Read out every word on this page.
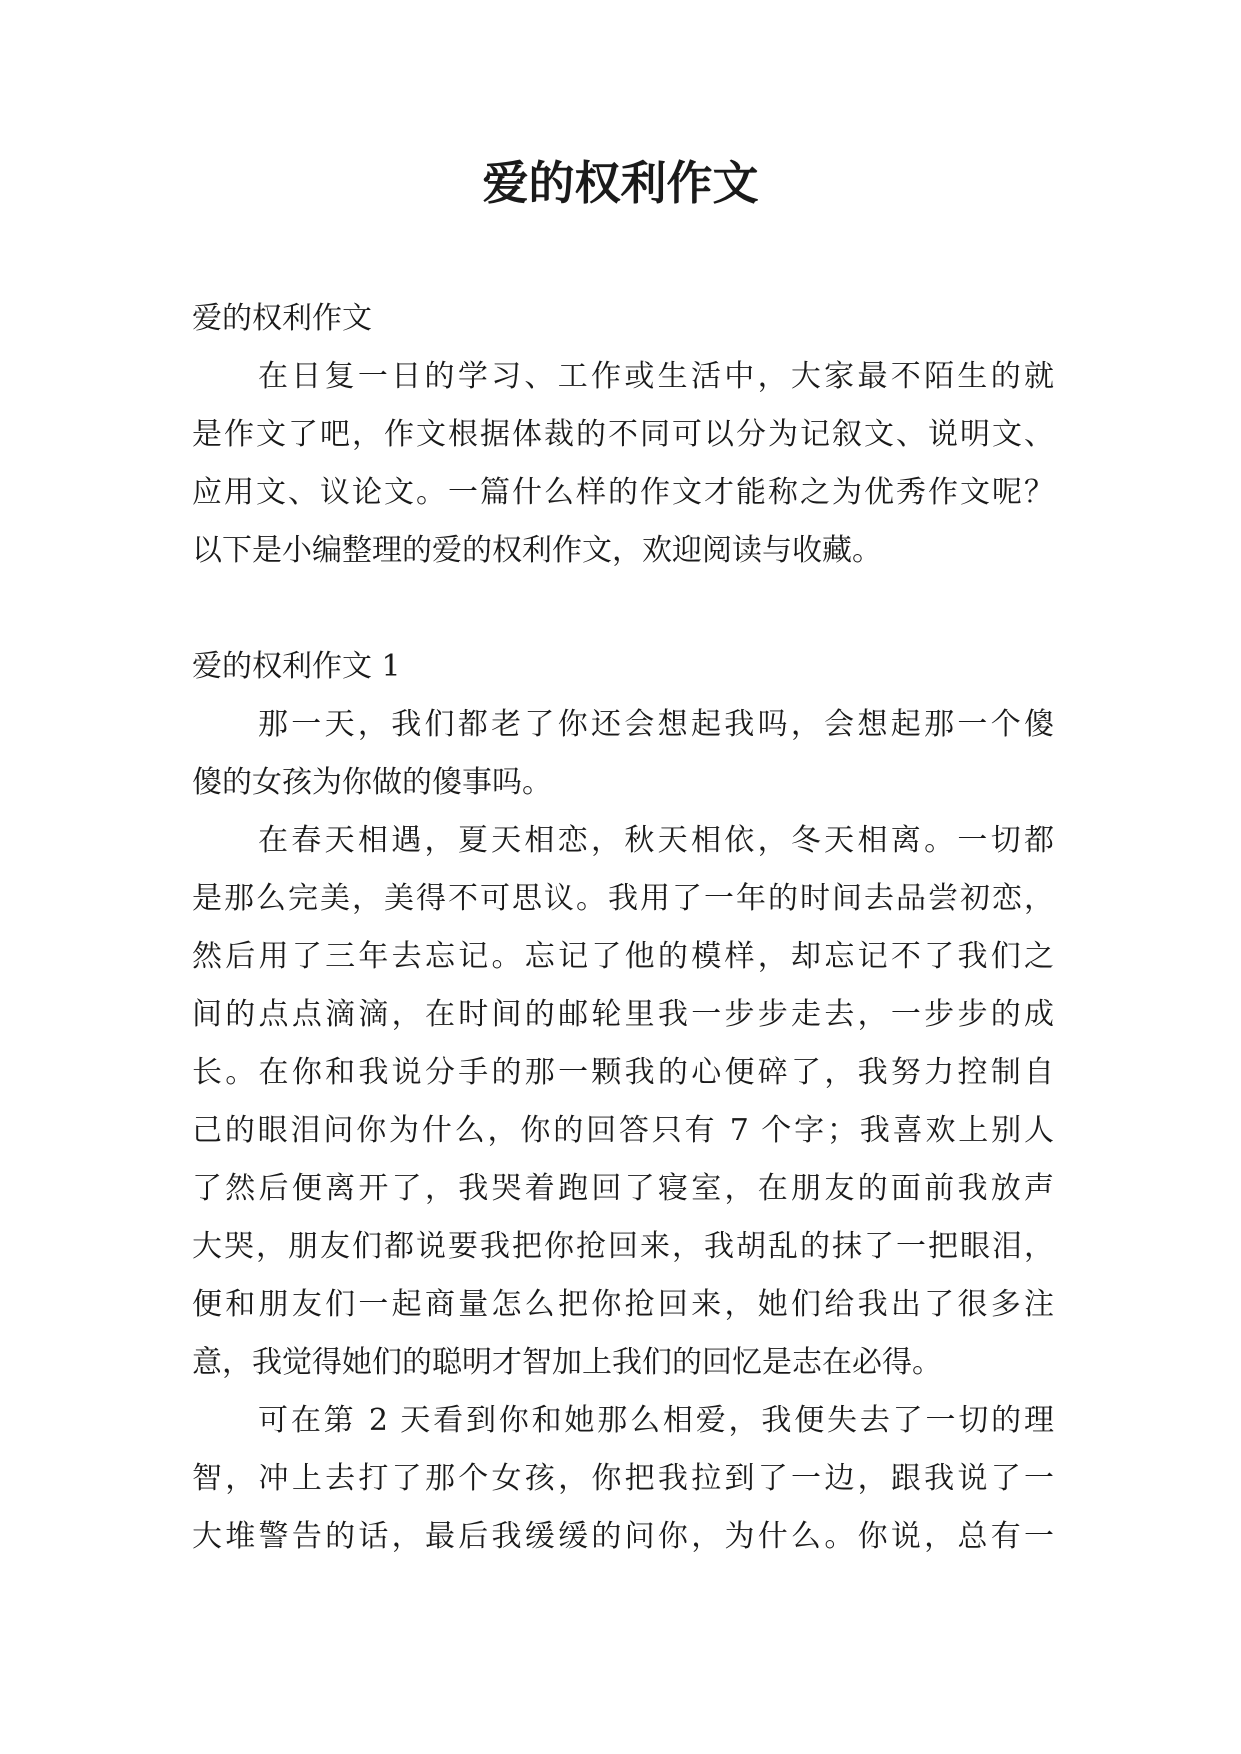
爱的权利作文

爱的权利作文

在日复一日的学习、工作或生活中，大家最不陌生的就

是作文了吧，作文根据体裁的不同可以分为记叙文、说明文、

应用文、议论文。一篇什么样的作文才能称之为优秀作文呢？

以下是小编整理的爱的权利作文，欢迎阅读与收藏。

爱的权利作文 1

那一天，我们都老了你还会想起我吗，会想起那一个傻

傻的女孩为你做的傻事吗。

在春天相遇，夏天相恋，秋天相依，冬天相离。一切都

是那么完美，美得不可思议。我用了一年的时间去品尝初恋，

然后用了三年去忘记。忘记了他的模样，却忘记不了我们之

间的点点滴滴，在时间的邮轮里我一步步走去，一步步的成

长。在你和我说分手的那一颗我的心便碎了，我努力控制自

己的眼泪问你为什么，你的回答只有 7 个字；我喜欢上别人

了然后便离开了，我哭着跑回了寝室，在朋友的面前我放声

大哭，朋友们都说要我把你抢回来，我胡乱的抹了一把眼泪，

便和朋友们一起商量怎么把你抢回来，她们给我出了很多注

意，我觉得她们的聪明才智加上我们的回忆是志在必得。

可在第 2 天看到你和她那么相爱，我便失去了一切的理

智，冲上去打了那个女孩，你把我拉到了一边，跟我说了一

大堆警告的话，最后我缓缓的问你，为什么。你说，总有一
